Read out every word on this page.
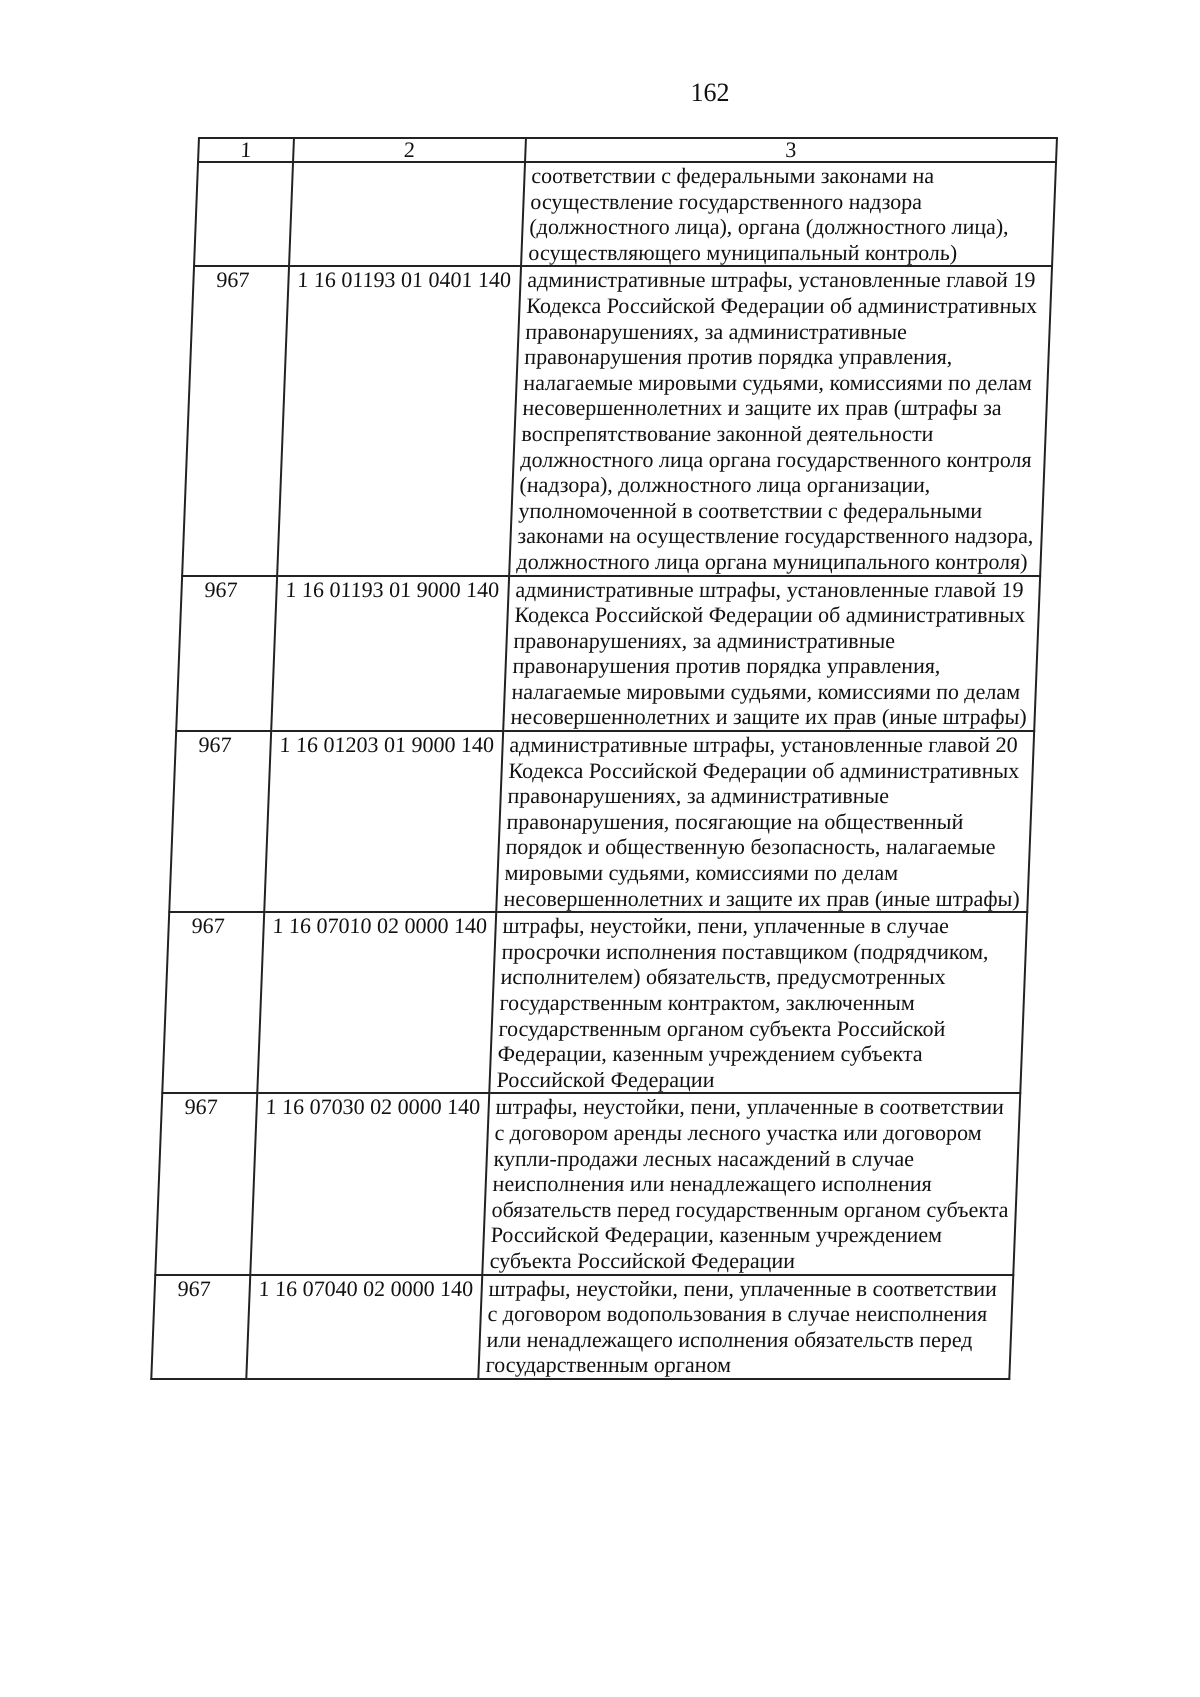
162
1	2	3
		соответствии с федеральными законами на осуществление государственного надзора (должностного лица), органа (должностного лица), осуществляющего муниципальный контроль)
967	1 16 01193 01 0401 140	административные штрафы, установленные главой 19 Кодекса Российской Федерации об административных правонарушениях, за административные правонарушения против порядка управления, налагаемые мировыми судьями, комиссиями по делам несовершеннолетних и защите их прав (штрафы за воспрепятствование законной деятельности должностного лица органа государственного контроля (надзора), должностного лица организации, уполномоченной в соответствии с федеральными законами на осуществление государственного надзора, должностного лица органа муниципального контроля)
967	1 16 01193 01 9000 140	административные штрафы, установленные главой 19 Кодекса Российской Федерации об административных правонарушениях, за административные правонарушения против порядка управления, налагаемые мировыми судьями, комиссиями по делам несовершеннолетних и защите их прав (иные штрафы)
967	1 16 01203 01 9000 140	административные штрафы, установленные главой 20 Кодекса Российской Федерации об административных правонарушениях, за административные правонарушения, посягающие на общественный порядок и общественную безопасность, налагаемые мировыми судьями, комиссиями по делам несовершеннолетних и защите их прав (иные штрафы)
967	1 16 07010 02 0000 140	штрафы, неустойки, пени, уплаченные в случае просрочки исполнения поставщиком (подрядчиком, исполнителем) обязательств, предусмотренных государственным контрактом, заключенным государственным органом субъекта Российской Федерации, казенным учреждением субъекта Российской Федерации
967	1 16 07030 02 0000 140	штрафы, неустойки, пени, уплаченные в соответствии с договором аренды лесного участка или договором купли-продажи лесных насаждений в случае неисполнения или ненадлежащего исполнения обязательств перед государственным органом субъекта Российской Федерации, казенным учреждением субъекта Российской Федерации
967	1 16 07040 02 0000 140	штрафы, неустойки, пени, уплаченные в соответствии с договором водопользования в случае неисполнения или ненадлежащего исполнения обязательств перед государственным органом
